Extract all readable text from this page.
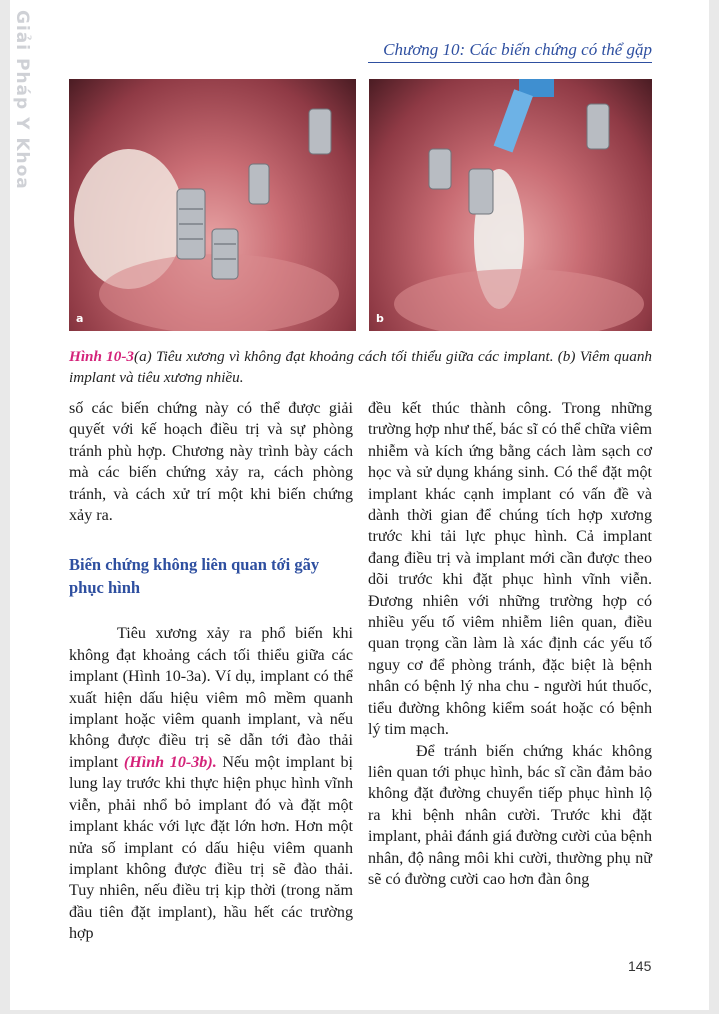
Giải Pháp Y Khoa	Chương 10: Các biến chứng có thể gặp
a	b
Hình 10-3(a) Tiêu xương vì không đạt khoảng cách tối thiểu giữa các implant. (b) Viêm quanh implant và tiêu xương nhiều.

số các biến chứng này có thể được giải quyết với kế hoạch điều trị và sự phòng tránh phù hợp. Chương này trình bày cách mà các biến chứng xảy ra, cách phòng tránh, và cách xử trí một khi biến chứng xảy ra.

Biến chứng không liên quan tới gãy phục hình

Tiêu xương xảy ra phổ biến khi không đạt khoảng cách tối thiểu giữa các implant (Hình 10-3a). Ví dụ, implant có thể xuất hiện dấu hiệu viêm mô mềm quanh implant hoặc viêm quanh implant, và nếu không được điều trị sẽ dẫn tới đào thải implant (Hình 10-3b). Nếu một implant bị lung lay trước khi thực hiện phục hình vĩnh viễn, phải nhổ bỏ implant đó và đặt một implant khác với lực đặt lớn hơn. Hơn một nửa số implant có dấu hiệu viêm quanh implant không được điều trị sẽ đào thải. Tuy nhiên, nếu điều trị kịp thời (trong năm đầu tiên đặt implant), hầu hết các trường hợp

đều kết thúc thành công. Trong những trường hợp như thế, bác sĩ có thể chữa viêm nhiễm và kích ứng bằng cách làm sạch cơ học và sử dụng kháng sinh. Có thể đặt một implant khác cạnh implant có vấn đề và dành thời gian để chúng tích hợp xương trước khi tải lực phục hình. Cả implant đang điều trị và implant mới cần được theo dõi trước khi đặt phục hình vĩnh viễn. Đương nhiên với những trường hợp có nhiều yếu tố viêm nhiễm liên quan, điều quan trọng cần làm là xác định các yếu tố nguy cơ để phòng tránh, đặc biệt là bệnh nhân có bệnh lý nha chu - người hút thuốc, tiểu đường không kiểm soát hoặc có bệnh lý tim mạch.

Để tránh biến chứng khác không liên quan tới phục hình, bác sĩ cần đảm bảo không đặt đường chuyển tiếp phục hình lộ ra khi bệnh nhân cười. Trước khi đặt implant, phải đánh giá đường cười của bệnh nhân, độ nâng môi khi cười, thường phụ nữ sẽ có đường cười cao hơn đàn ông

145
